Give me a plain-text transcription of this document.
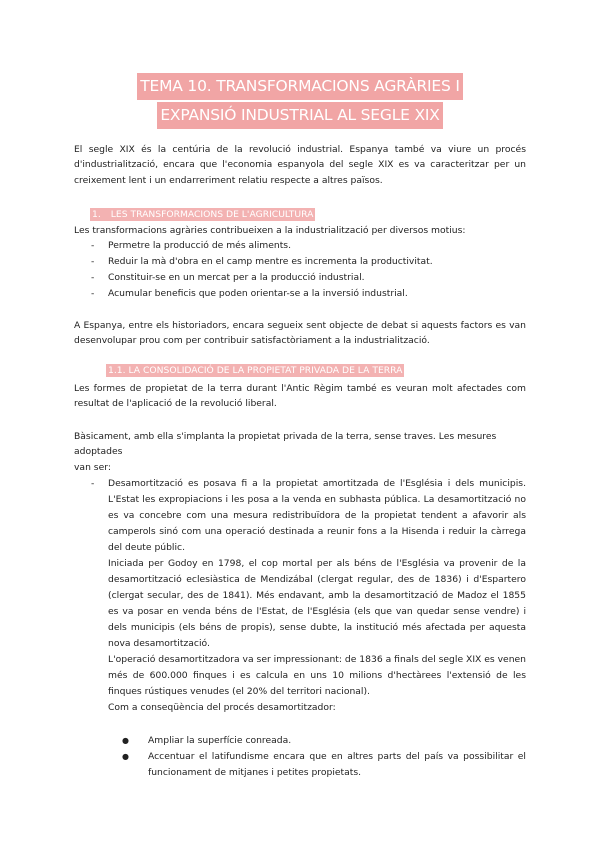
TEMA 10. TRANSFORMACIONS AGRÀRIES I
EXPANSIÓ INDUSTRIAL AL SEGLE XIX
El segle XIX és la centúria de la revolució industrial. Espanya també va viure un procés d'industrialització, encara que l'economia espanyola del segle XIX es va caracteritzar per un creixement lent i un endarreriment relatiu respecte a altres països.
1. LES TRANSFORMACIONS DE L'AGRICULTURA
Les transformacions agràries contribueixen a la industrialització per diversos motius:
- Permetre la producció de més aliments.
- Reduir la mà d'obra en el camp mentre es incrementa la productivitat.
- Constituir-se en un mercat per a la producció industrial.
- Acumular beneficis que poden orientar-se a la inversió industrial.
A Espanya, entre els historiadors, encara segueix sent objecte de debat si aquests factors es van desenvolupar prou com per contribuir satisfactòriament a la industrialització.
1.1. LA CONSOLIDACIÓ DE LA PROPIETAT PRIVADA DE LA TERRA
Les formes de propietat de la terra durant l'Antic Règim també es veuran molt afectades com resultat de l'aplicació de la revolució liberal.
Bàsicament, amb ella s'implanta la propietat privada de la terra, sense traves. Les mesures adoptades
van ser:
- Desamortització es posava fi a la propietat amortitzada de l'Església i dels municipis. L'Estat les expropiacions i les posa a la venda en subhasta pública. La desamortització no es va concebre com una mesura redistribuïdora de la propietat tendent a afavorir als camperols sinó com una operació destinada a reunir fons a la Hisenda i reduir la càrrega del deute públic.
Iniciada per Godoy en 1798, el cop mortal per als béns de l'Església va provenir de la desamortització eclesiàstica de Mendizábal (clergat regular, des de 1836) i d'Espartero (clergat secular, des de 1841). Més endavant, amb la desamortització de Madoz el 1855 es va posar en venda béns de l'Estat, de l'Església (els que van quedar sense vendre) i dels municipis (els béns de propis), sense dubte, la institució més afectada per aquesta nova desamortització.
L'operació desamortitzadora va ser impressionant: de 1836 a finals del segle XIX es venen més de 600.000 finques i es calcula en uns 10 milions d'hectàrees l'extensió de les finques rústiques venudes (el 20% del territori nacional).
Com a conseqüència del procés desamortitzador:
● Ampliar la superfície conreada.
● Accentuar el latifundisme encara que en altres parts del país va possibilitar el funcionament de mitjanes i petites propietats.
